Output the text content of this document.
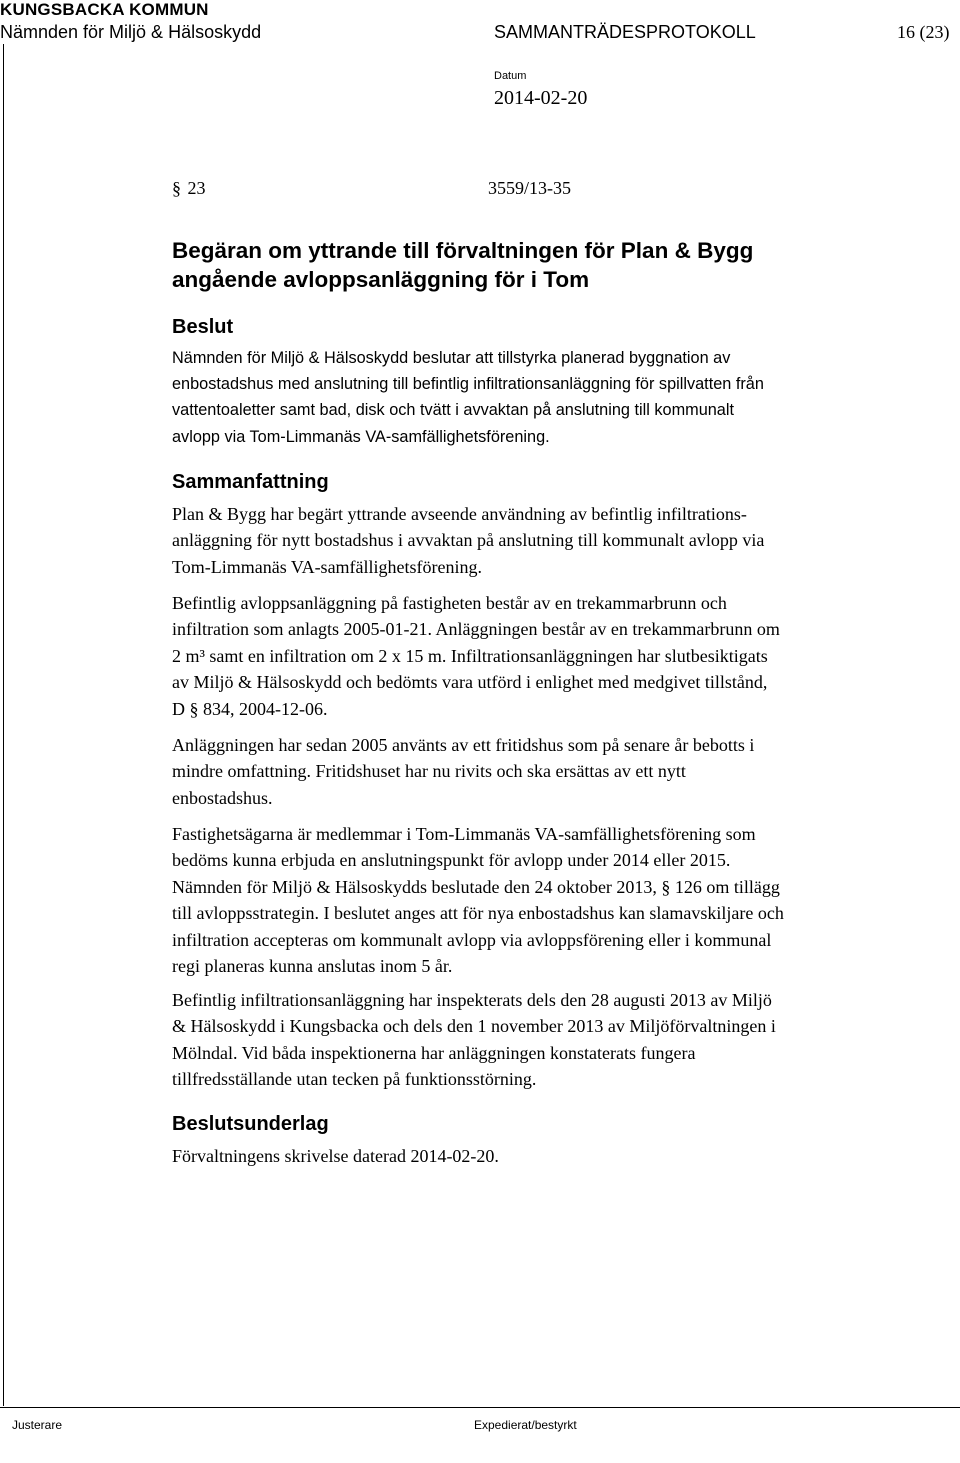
KUNGSBACKA KOMMUN
Nämnden för Miljö & Hälsoskydd	SAMMANTRÄDESPROTOKOLL	16 (23)
Datum
2014-02-20
§ 23	3559/13-35
Begäran om yttrande till förvaltningen för Plan & Bygg
angående avloppsanläggning för i Tom
Beslut
Nämnden för Miljö & Hälsoskydd beslutar att tillstyrka planerad byggnation av
enbostadshus med anslutning till befintlig infiltrationsanläggning för spillvatten från
vattentoaletter samt bad, disk och tvätt i avvaktan på anslutning till kommunalt
avlopp via Tom-Limmanäs VA-samfällighetsförening.
Sammanfattning
Plan & Bygg har begärt yttrande avseende användning av befintlig infiltrations-
anläggning för nytt bostadshus i avvaktan på anslutning till kommunalt avlopp via
Tom-Limmanäs VA-samfällighetsförening.
Befintlig avloppsanläggning på fastigheten består av en trekammarbrunn och
infiltration som anlagts 2005-01-21. Anläggningen består av en trekammarbrunn om
2 m³ samt en infiltration om 2 x 15 m. Infiltrationsanläggningen har slutbesiktigats
av Miljö & Hälsoskydd och bedömts vara utförd i enlighet med medgivet tillstånd,
D § 834, 2004-12-06.
Anläggningen har sedan 2005 använts av ett fritidshus som på senare år bebotts i
mindre omfattning. Fritidshuset har nu rivits och ska ersättas av ett nytt
enbostadshus.
Fastighetsägarna är medlemmar i Tom-Limmanäs VA-samfällighetsförening som
bedöms kunna erbjuda en anslutningspunkt för avlopp under 2014 eller 2015.
Nämnden för Miljö & Hälsoskydds beslutade den 24 oktober 2013, § 126 om tillägg
till avloppsstrategin. I beslutet anges att för nya enbostadshus kan slamavskiljare och
infiltration accepteras om kommunalt avlopp via avloppsförening eller i kommunal
regi planeras kunna anslutas inom 5 år.
Befintlig infiltrationsanläggning har inspekterats dels den 28 augusti 2013 av Miljö
& Hälsoskydd i Kungsbacka och dels den 1 november 2013 av Miljöförvaltningen i
Mölndal. Vid båda inspektionerna har anläggningen konstaterats fungera
tillfredsställande utan tecken på funktionsstörning.
Beslutsunderlag
Förvaltningens skrivelse daterad 2014-02-20.
Justerare	Expedierat/bestyrkt
